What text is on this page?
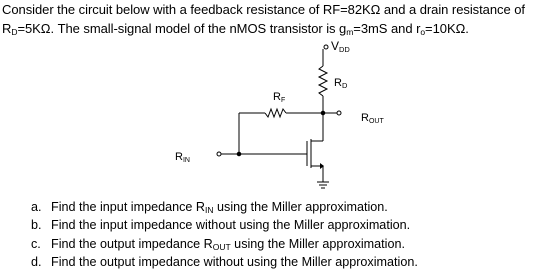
Consider the circuit below with a feedback resistance of RF=82KΩ and a drain resistance of

$R_D=5K\Omega$. The small-signal model of the nMOS transistor is $g_m=3mS$ and $r_o=10K\Omega$.

VDD
RD
RF
ROUT
RIN
a. Find the input impedance $R_{IN}$ using the Miller approximation.
b. Find the input impedance without using the Miller approximation.
c. Find the output impedance $R_{OUT}$ using the Miller approximation.
d. Find the output impedance without using the Miller approximation.
